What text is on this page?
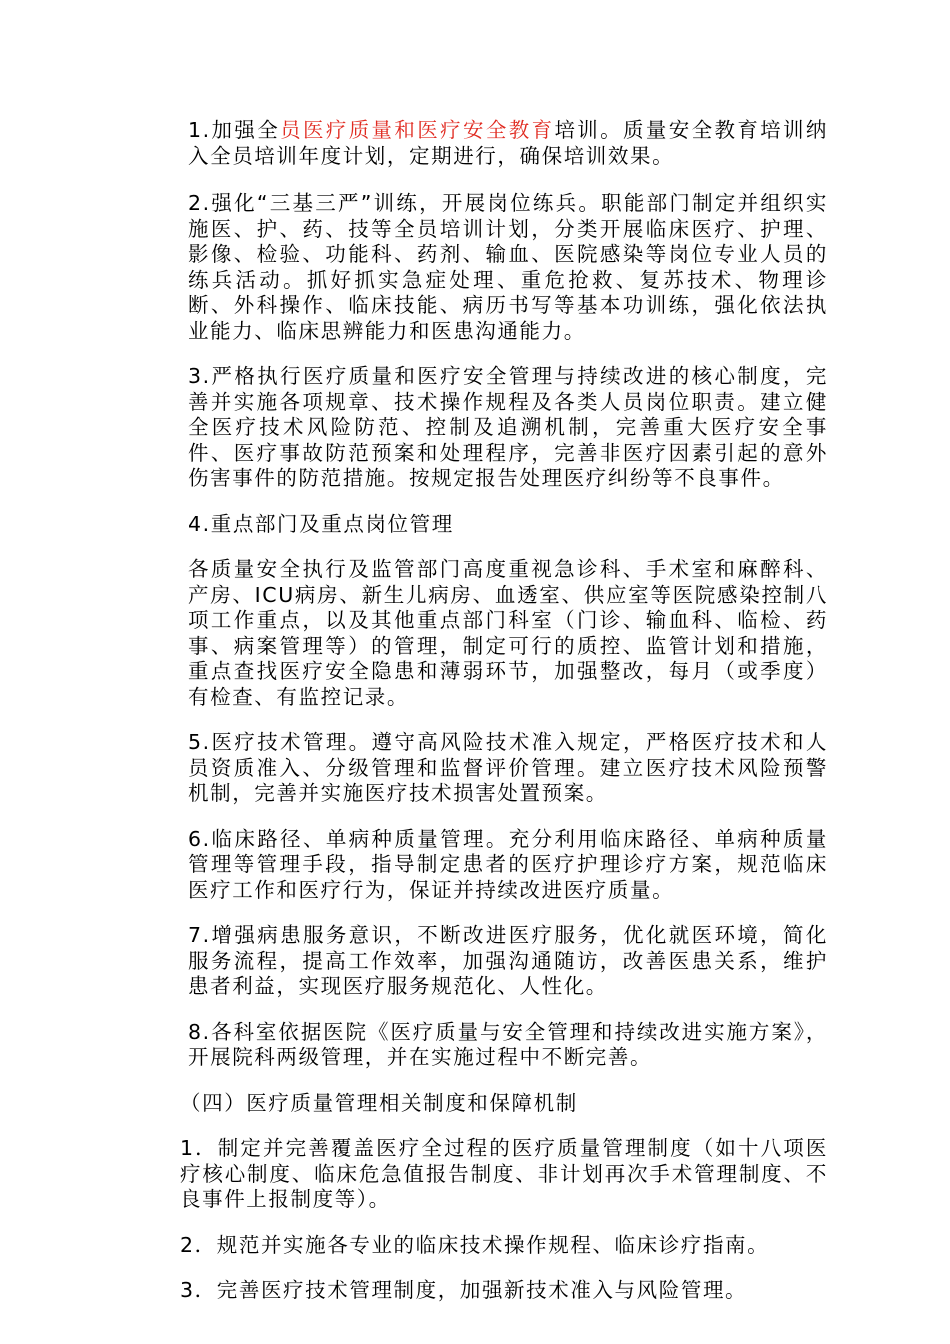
1.加强全员医疗质量和医疗安全教育培训。质量安全教育培训纳入全员培训年度计划，定期进行，确保培训效果。

2.强化“三基三严”训练，开展岗位练兵。职能部门制定并组织实施医、护、药、技等全员培训计划，分类开展临床医疗、护理、影像、检验、功能科、药剂、输血、医院感染等岗位专业人员的练兵活动。抓好抓实急症处理、重危抢救、复苏技术、物理诊断、外科操作、临床技能、病历书写等基本功训练，强化依法执业能力、临床思辨能力和医患沟通能力。

3.严格执行医疗质量和医疗安全管理与持续改进的核心制度，完善并实施各项规章、技术操作规程及各类人员岗位职责。建立健全医疗技术风险防范、控制及追溯机制，完善重大医疗安全事件、医疗事故防范预案和处理程序，完善非医疗因素引起的意外伤害事件的防范措施。按规定报告处理医疗纠纷等不良事件。

4.重点部门及重点岗位管理

各质量安全执行及监管部门高度重视急诊科、手术室和麻醉科、产房、ICU病房、新生儿病房、血透室、供应室等医院感染控制八项工作重点，以及其他重点部门科室（门诊、输血科、临检、药事、病案管理等）的管理，制定可行的质控、监管计划和措施，重点查找医疗安全隐患和薄弱环节，加强整改，每月（或季度）有检查、有监控记录。

5.医疗技术管理。遵守高风险技术准入规定，严格医疗技术和人员资质准入、分级管理和监督评价管理。建立医疗技术风险预警机制，完善并实施医疗技术损害处置预案。

6.临床路径、单病种质量管理。充分利用临床路径、单病种质量管理等管理手段，指导制定患者的医疗护理诊疗方案，规范临床医疗工作和医疗行为，保证并持续改进医疗质量。

7.增强病患服务意识，不断改进医疗服务，优化就医环境，简化服务流程，提高工作效率，加强沟通随访，改善医患关系，维护患者利益，实现医疗服务规范化、人性化。

8.各科室依据医院《医疗质量与安全管理和持续改进实施方案》，开展院科两级管理，并在实施过程中不断完善。

（四）医疗质量管理相关制度和保障机制

1．制定并完善覆盖医疗全过程的医疗质量管理制度（如十八项医疗核心制度、临床危急值报告制度、非计划再次手术管理制度、不良事件上报制度等）。

2．规范并实施各专业的临床技术操作规程、临床诊疗指南。

3．完善医疗技术管理制度，加强新技术准入与风险管理。
